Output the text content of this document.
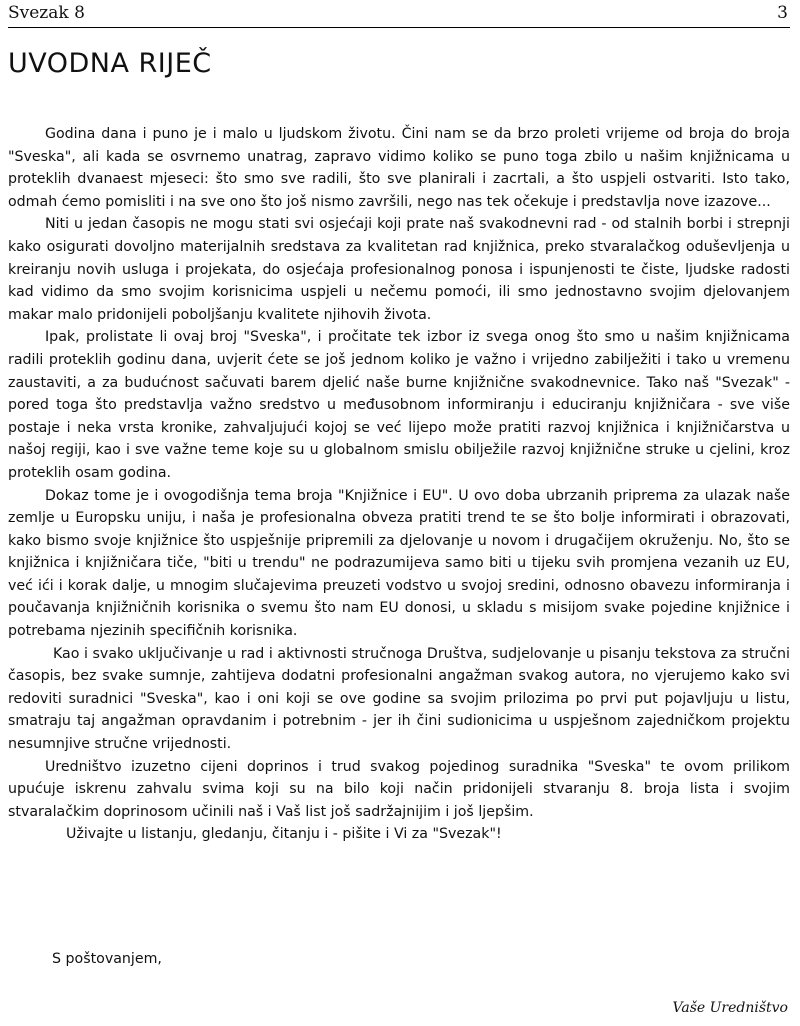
Svezak 8	3
UVODNA RIJEČ

Godina dana i puno je i malo u ljudskom životu. Čini nam se da brzo proleti vrijeme od broja do broja "Sveska", ali kada se osvrnemo unatrag, zapravo vidimo koliko se puno toga zbilo u našim knjižnicama u proteklih dvanaest mjeseci: što smo sve radili, što sve planirali i zacrtali, a što uspjeli ostvariti. Isto tako, odmah ćemo pomisliti i na sve ono što još nismo završili, nego nas tek očekuje i predstavlja nove izazove...

Niti u jedan časopis ne mogu stati svi osjećaji koji prate naš svakodnevni rad - od stalnih borbi i strepnji kako osigurati dovoljno materijalnih sredstava za kvalitetan rad knjižnica, preko stvaralačkog oduševljenja u kreiranju novih usluga i projekata, do osjećaja profesionalnog ponosa i ispunjenosti te čiste, ljudske radosti kad vidimo da smo svojim korisnicima uspjeli u nečemu pomoći, ili smo jednostavno svojim djelovanjem makar malo pridonijeli poboljšanju kvalitete njihovih života.

Ipak, prolistate li ovaj broj "Sveska", i pročitate tek izbor iz svega onog što smo u našim knjižnicama radili proteklih godinu dana, uvjerit ćete se još jednom koliko je važno i vrijedno zabilježiti i tako u vremenu zaustaviti, a za budućnost sačuvati barem djelić naše burne knjižnične svakodnevnice. Tako naš "Svezak" - pored toga što predstavlja važno sredstvo u međusobnom informiranju i educiranju knjižničara - sve više postaje i neka vrsta kronike, zahvaljujući kojoj se već lijepo može pratiti razvoj knjižnica i knjižničarstva u našoj regiji, kao i sve važne teme koje su u globalnom smislu obilježile razvoj knjižnične struke u cjelini, kroz proteklih osam godina.

Dokaz tome je i ovogodišnja tema broja "Knjižnice i EU". U ovo doba ubrzanih priprema za ulazak naše zemlje u Europsku uniju, i naša je profesionalna obveza pratiti trend te se što bolje informirati i obrazovati, kako bismo svoje knjižnice što uspješnije pripremili za djelovanje u novom i drugačijem okruženju. No, što se knjižnica i knjižničara tiče, "biti u trendu" ne podrazumijeva samo biti u tijeku svih promjena vezanih uz EU, već ići i korak dalje, u mnogim slučajevima preuzeti vodstvo u svojoj sredini, odnosno obavezu informiranja i poučavanja knjižničnih korisnika o svemu što nam EU donosi, u skladu s misijom svake pojedine knjižnice i potrebama njezinih specifičnih korisnika.

Kao i svako uključivanje u rad i aktivnosti stručnoga Društva, sudjelovanje u pisanju tekstova za stručni časopis, bez svake sumnje, zahtijeva dodatni profesionalni angažman svakog autora, no vjerujemo kako svi redoviti suradnici "Sveska", kao i oni koji se ove godine sa svojim prilozima po prvi put pojavljuju u listu, smatraju taj angažman opravdanim i potrebnim - jer ih čini sudionicima u uspješnom zajedničkom projektu nesumnjive stručne vrijednosti.

Uredništvo izuzetno cijeni doprinos i trud svakog pojedinog suradnika "Sveska" te ovom prilikom upućuje iskrenu zahvalu svima koji su na bilo koji način pridonijeli stvaranju 8. broja lista i svojim stvaralačkim doprinosom učinili naš i Vaš list još sadržajnijim i još ljepšim.

Uživajte u listanju, gledanju, čitanju i - pišite i Vi za "Svezak"!

S poštovanjem,
Vaše Uredništvo
